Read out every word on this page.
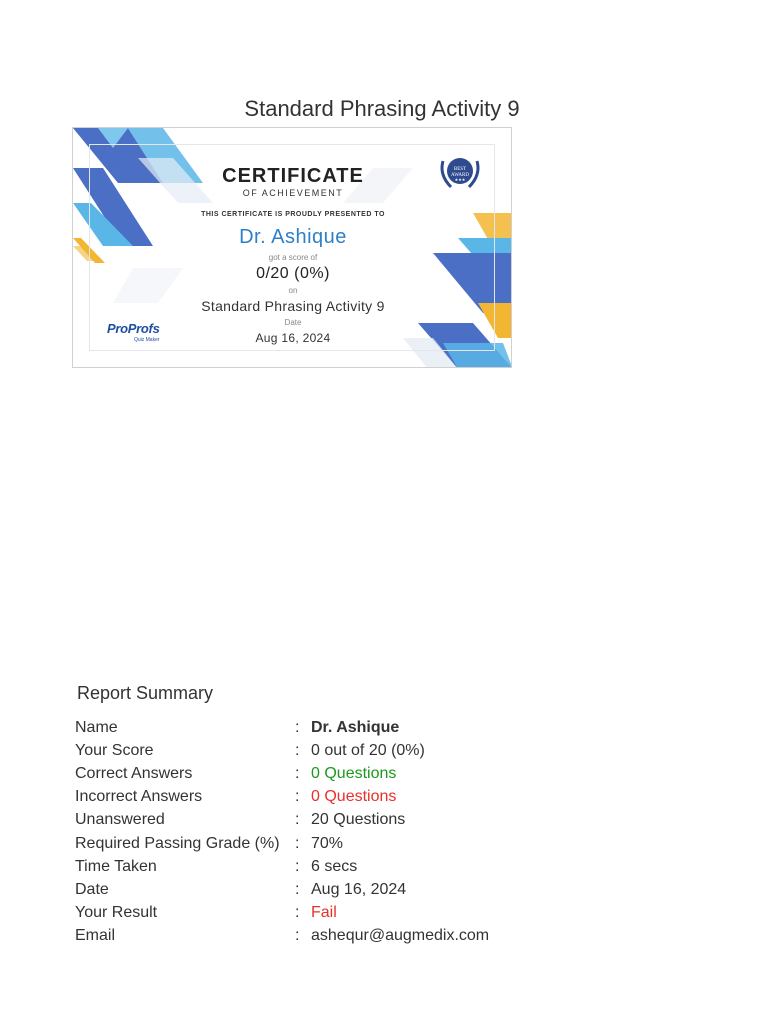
Standard Phrasing Activity 9
BEST
AWARD
★★★
CERTIFICATE
OF ACHIEVEMENT
THIS CERTIFICATE IS PROUDLY PRESENTED TO
Dr. Ashique
got a score of
0/20 (0%)
on
Standard Phrasing Activity 9
Date
Aug 16, 2024
ProProfs
Quiz Maker
Report Summary
Name	:	Dr. Ashique
Your Score	:	0 out of 20 (0%)
Correct Answers	:	0 Questions
Incorrect Answers	:	0 Questions
Unanswered	:	20 Questions
Required Passing Grade (%)	:	70%
Time Taken	:	6 secs
Date	:	Aug 16, 2024
Your Result	:	Fail
Email	:	ashequr@augmedix.com
